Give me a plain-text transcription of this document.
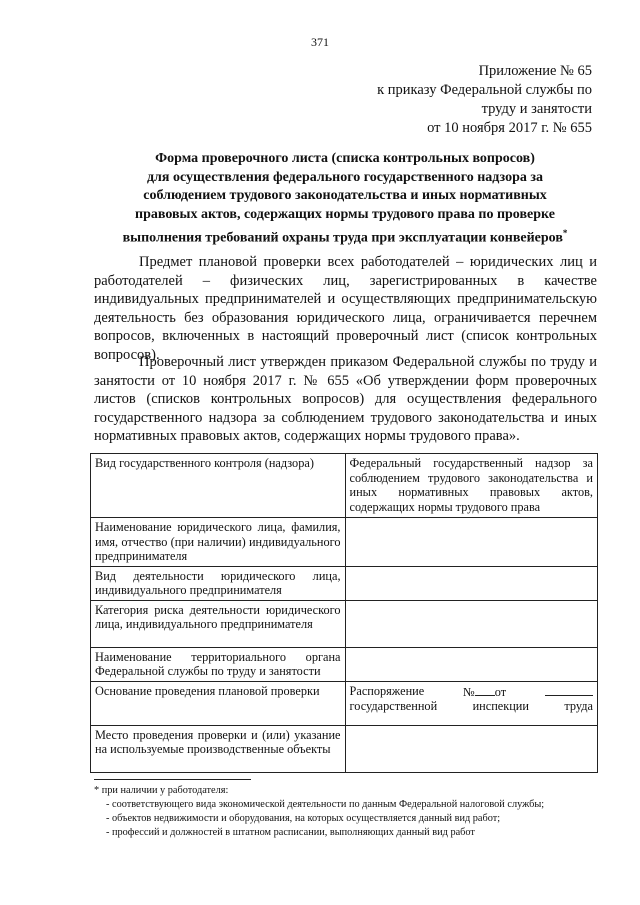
371
Приложение № 65
к приказу Федеральной службы по
труду и занятости
от 10 ноября 2017 г. № 655
Форма проверочного листа (списка контрольных вопросов)
для осуществления федерального государственного надзора за
соблюдением трудового законодательства и иных нормативных
правовых актов, содержащих нормы трудового права по проверке
выполнения требований охраны труда при эксплуатации конвейеров*

Предмет плановой проверки всех работодателей – юридических лиц и работодателей – физических лиц, зарегистрированных в качестве индивидуальных предпринимателей и осуществляющих предпринимательскую деятельность без образования юридического лица, ограничивается перечнем вопросов, включенных в настоящий проверочный лист (список контрольных вопросов).

Проверочный лист утвержден приказом Федеральной службы по труду и занятости от 10 ноября 2017 г. № 655 «Об утверждении форм проверочных листов (списков контрольных вопросов) для осуществления федерального государственного надзора за соблюдением трудового законодательства и иных нормативных правовых актов, содержащих нормы трудового права».

Вид государственного контроля (надзора)	Федеральный государственный надзор за соблюдением трудового законодательства и иных нормативных правовых актов, содержащих нормы трудового права
Наименование юридического лица, фамилия, имя, отчество (при наличии) индивидуального предпринимателя	
Вид деятельности юридического лица, индивидуального предпринимателя	
Категория риска деятельности юридического лица, индивидуального предпринимателя	
Наименование территориального органа Федеральной службы по труду и занятости	
Основание проведения плановой проверки	Распоряжение № от
государственной инспекции труда

Место проведения проверки и (или) указание на используемые производственные объекты	
* при наличии у работодателя:
- соответствующего вида экономической деятельности по данным Федеральной налоговой службы;
- объектов недвижимости и оборудования, на которых осуществляется данный вид работ;
- профессий и должностей в штатном расписании, выполняющих данный вид работ
